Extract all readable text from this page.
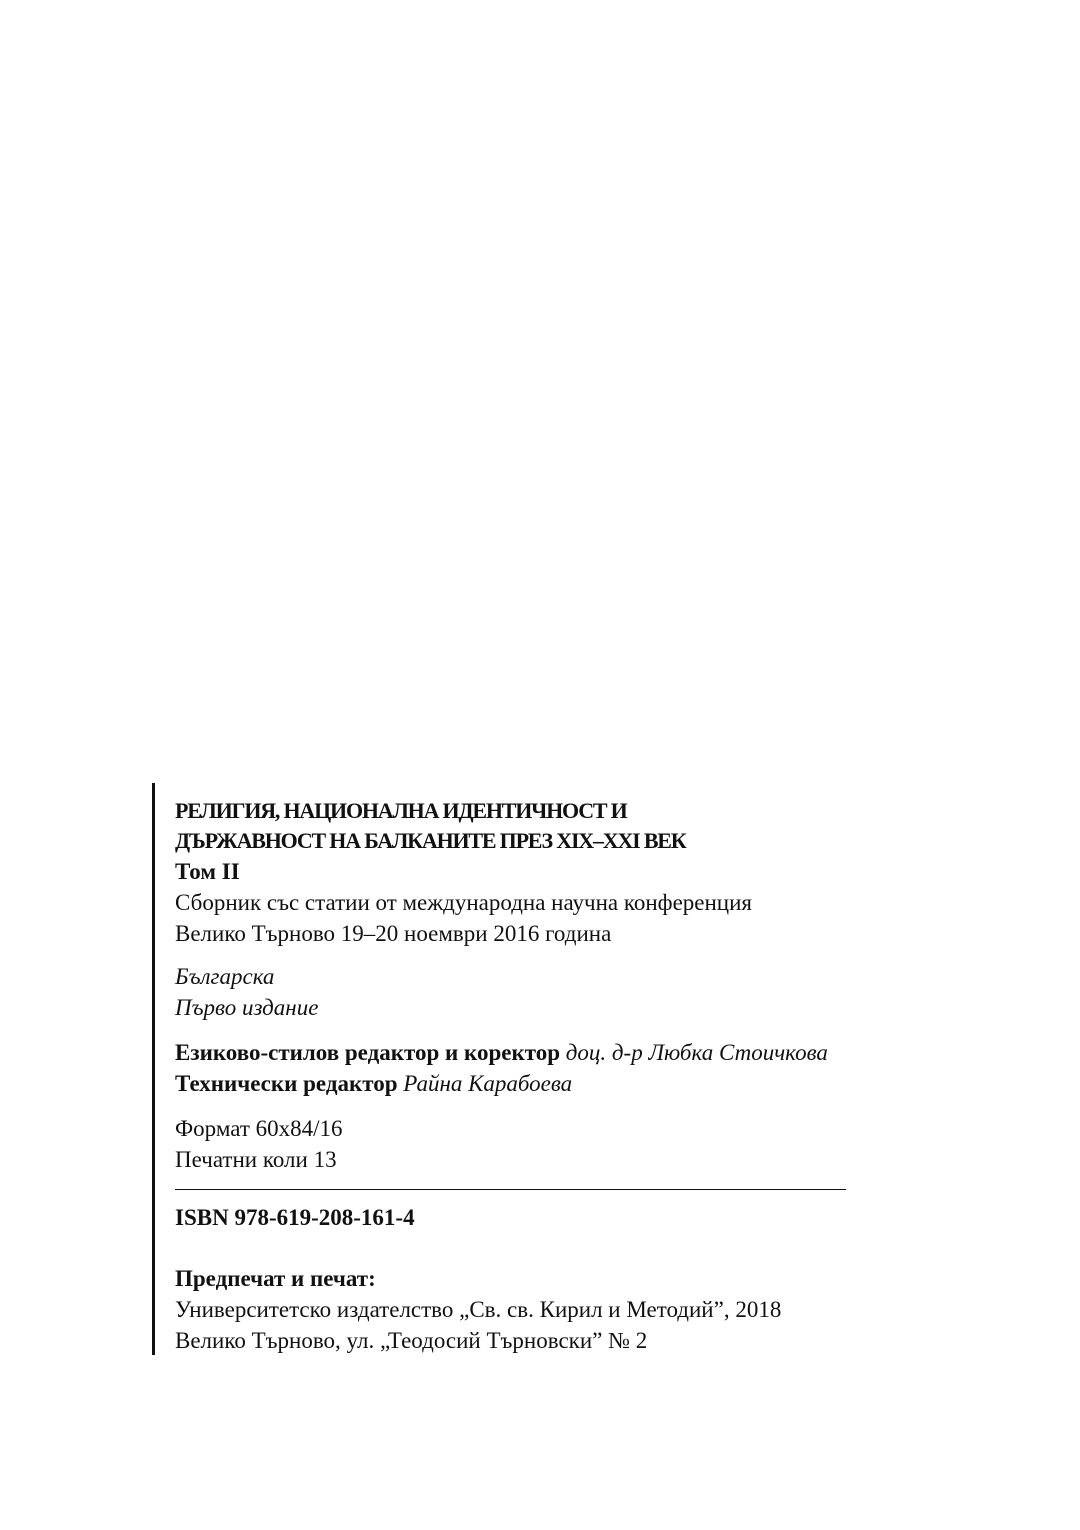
РЕЛИГИЯ, НАЦИОНАЛНА ИДЕНТИЧНОСТ И
ДЪРЖАВНОСТ НА БАЛКАНИТЕ ПРЕЗ XIX–XXI ВЕК
Том II
Сборник със статии от международна научна конференция
Велико Търново 19–20 ноември 2016 година
Българска
Първо издание
Езиково-стилов редактор и коректор доц. д-р Любка Стоичкова
Технически редактор Райна Карабоева
Формат 60x84/16
Печатни коли 13
ISBN 978-619-208-161-4
Предпечат и печат:
Университетско издателство „Св. св. Кирил и Методий”, 2018
Велико Търново, ул. „Теодосий Търновски” № 2
